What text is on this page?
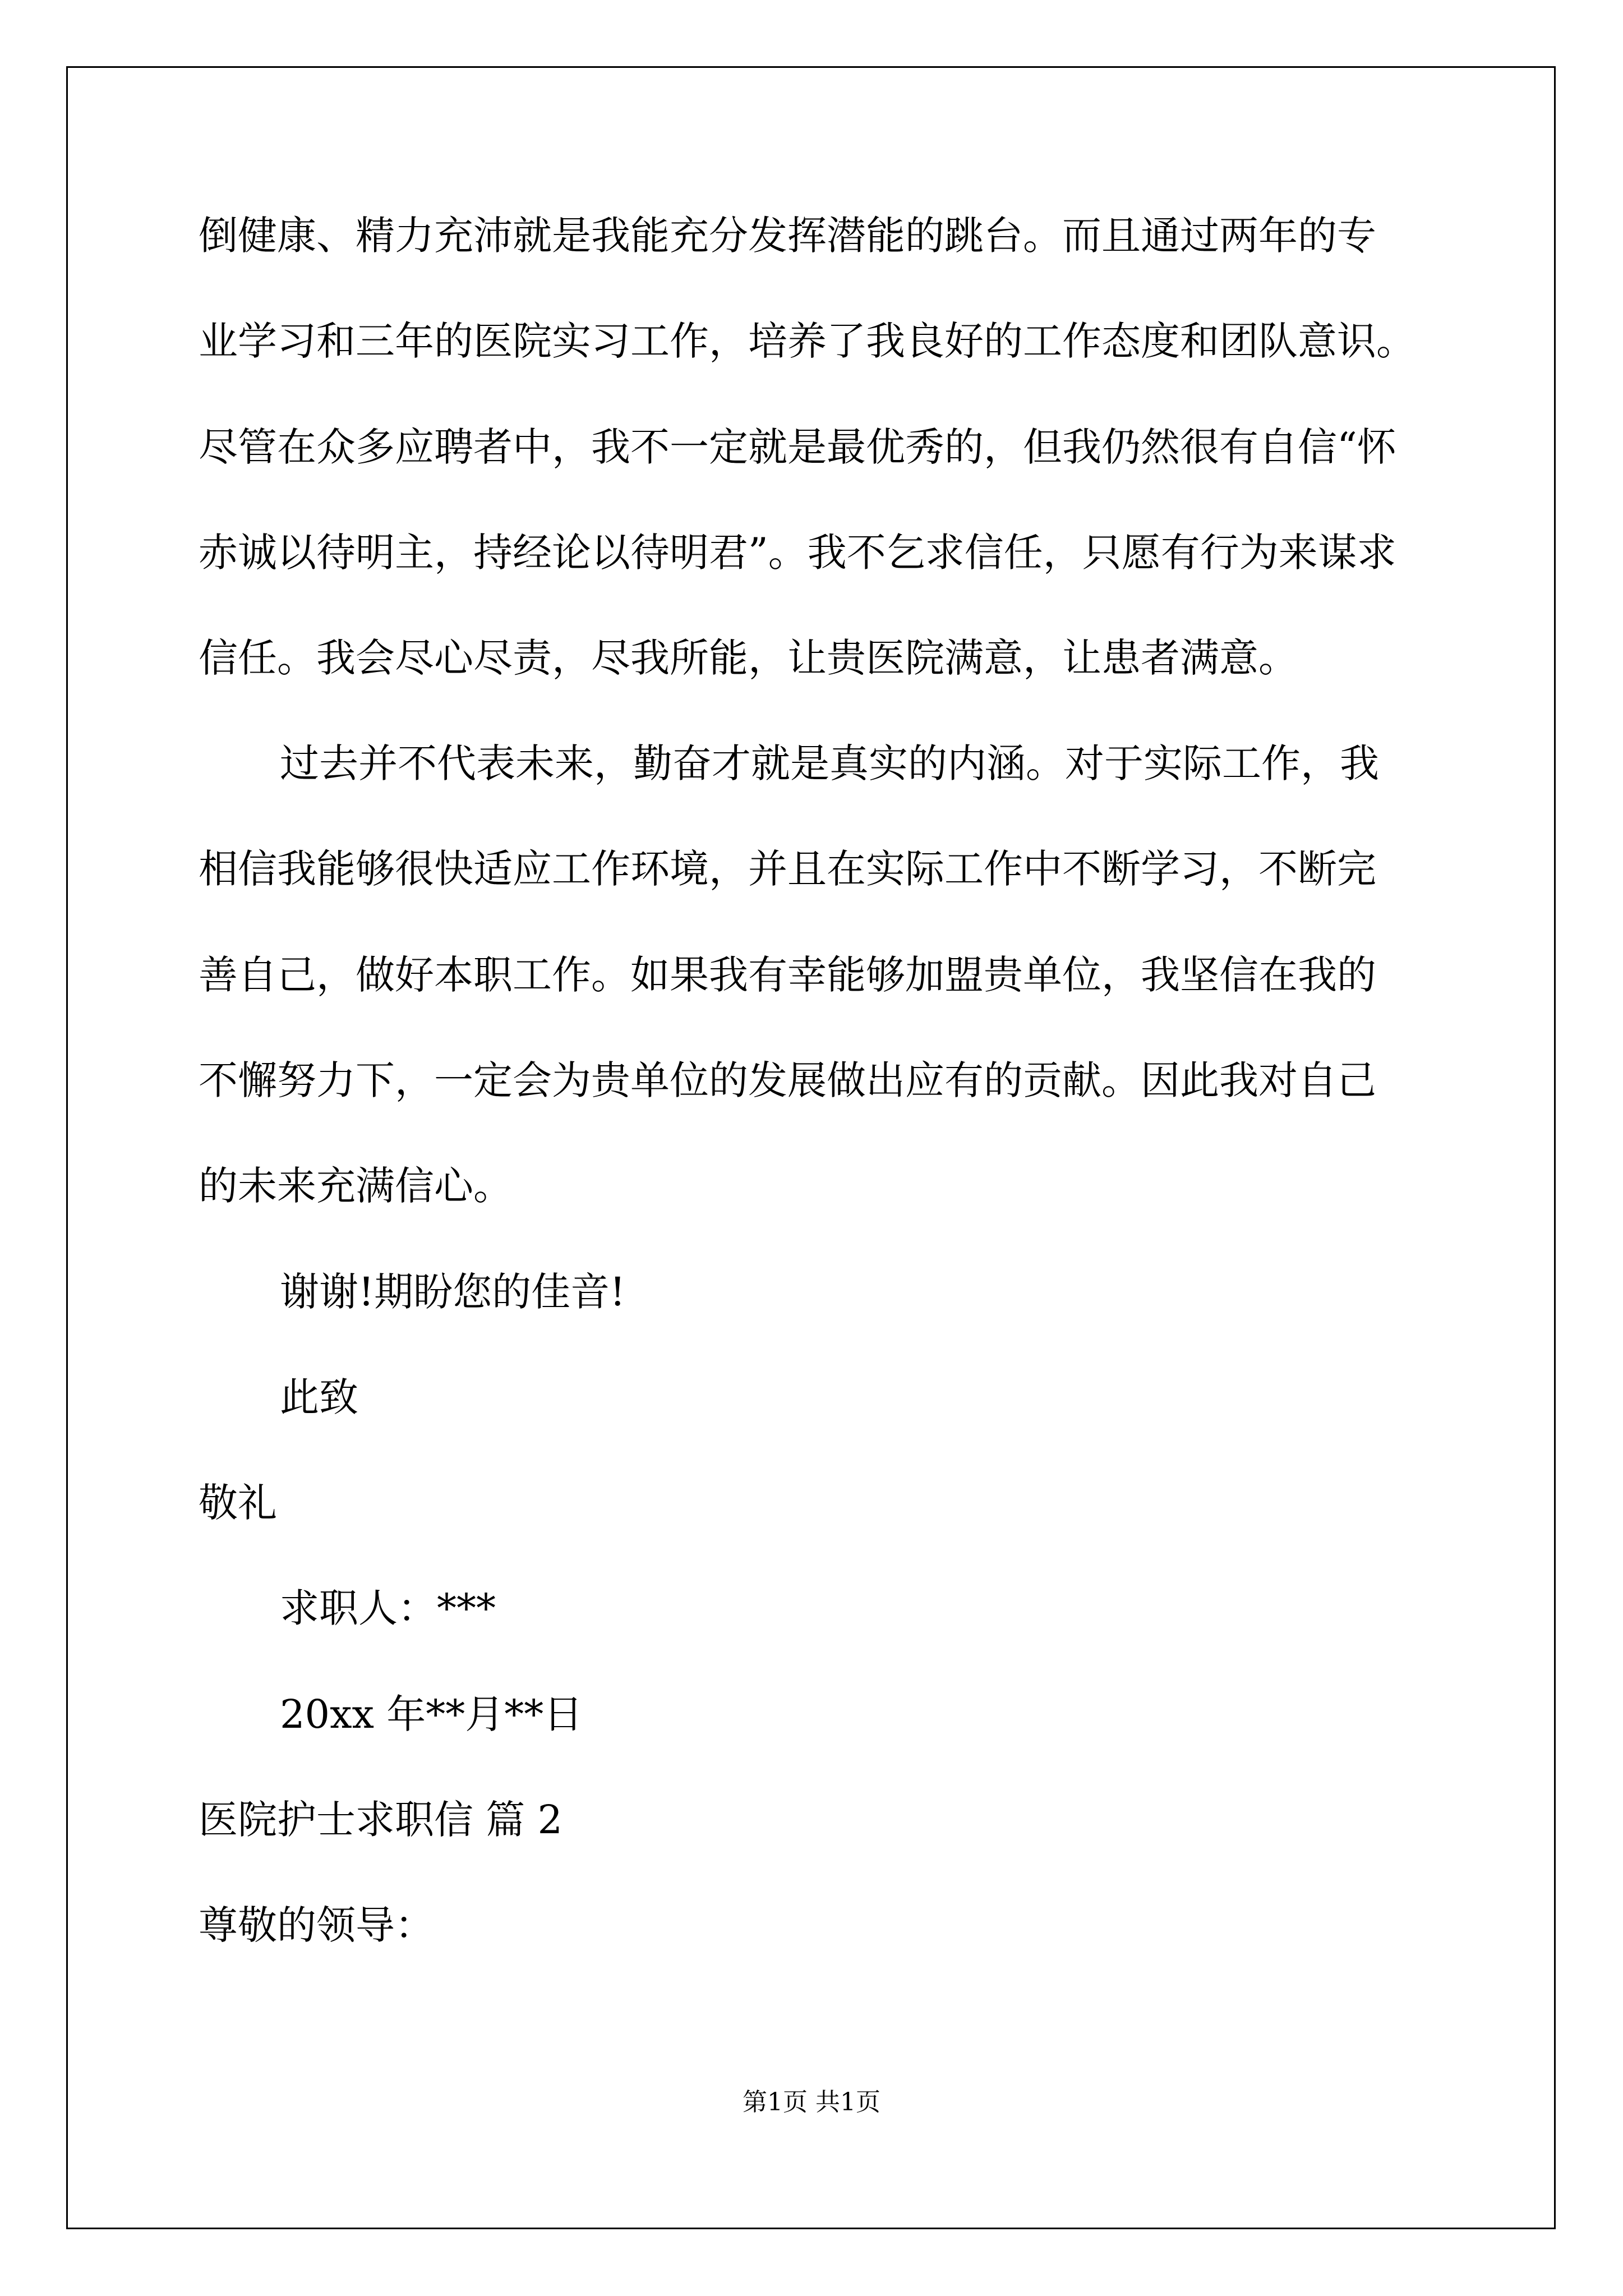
倒健康、精力充沛就是我能充分发挥潜能的跳台。而且通过两年的专
业学习和三年的医院实习工作，培养了我良好的工作态度和团队意识。
尽管在众多应聘者中，我不一定就是最优秀的，但我仍然很有自信“怀
赤诚以待明主，持经论以待明君”。我不乞求信任，只愿有行为来谋求
信任。我会尽心尽责，尽我所能，让贵医院满意，让患者满意。
过去并不代表未来，勤奋才就是真实的内涵。对于实际工作，我
相信我能够很快适应工作环境，并且在实际工作中不断学习，不断完
善自己，做好本职工作。如果我有幸能够加盟贵单位，我坚信在我的
不懈努力下，一定会为贵单位的发展做出应有的贡献。因此我对自己
的未来充满信心。
谢谢!期盼您的佳音!
此致
敬礼
求职人：***
20xx 年**月**日
医院护士求职信 篇 2
尊敬的领导：
第1页 共1页
